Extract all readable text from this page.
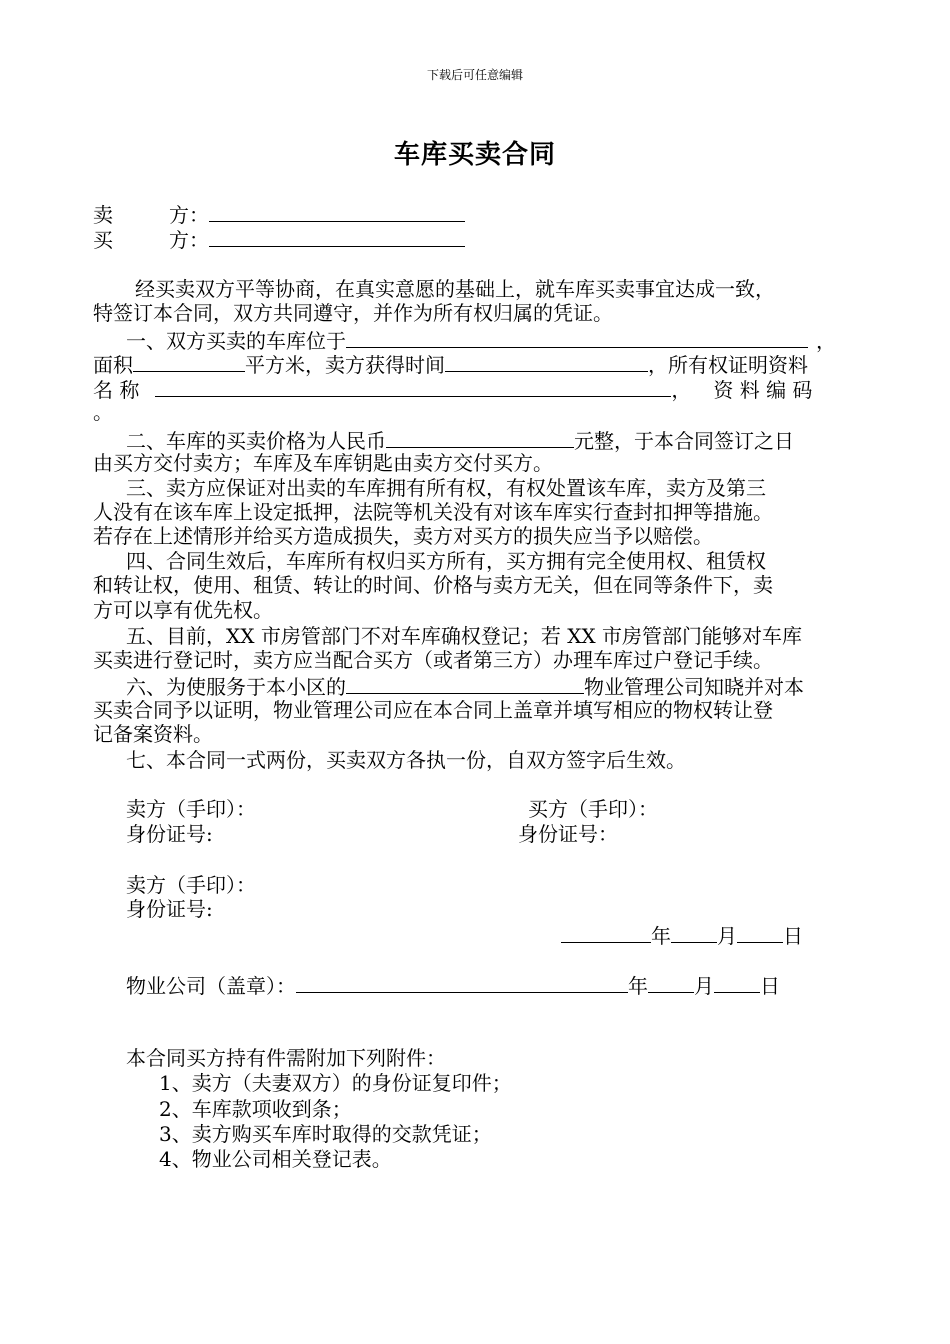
下载后可任意编辑
车库买卖合同
卖	方：
买	方：
经买卖双方平等协商，在真实意愿的基础上，就车库买卖事宜达成一致，
特签订本合同，双方共同遵守，并作为所有权归属的凭证。
一、双方买卖的车库位于	，
面积	平方米，卖方获得时间	，所有权证明资料
名 称	， 资 料 编 码
。
二、车库的买卖价格为人民币	元整，于本合同签订之日
由买方交付卖方；车库及车库钥匙由卖方交付买方。
三、卖方应保证对出卖的车库拥有所有权，有权处置该车库，卖方及第三
人没有在该车库上设定抵押，法院等机关没有对该车库实行查封扣押等措施。
若存在上述情形并给买方造成损失，卖方对买方的损失应当予以赔偿。
四、合同生效后，车库所有权归买方所有，买方拥有完全使用权、租赁权
和转让权，使用、租赁、转让的时间、价格与卖方无关，但在同等条件下，卖
方可以享有优先权。
五、目前，XX 市房管部门不对车库确权登记；若 XX 市房管部门能够对车库
买卖进行登记时，卖方应当配合买方（或者第三方）办理车库过户登记手续。
六、为使服务于本小区的	物业管理公司知晓并对本
买卖合同予以证明，物业管理公司应在本合同上盖章并填写相应的物权转让登
记备案资料。
七、本合同一式两份，买卖双方各执一份，自双方签字后生效。
卖方（手印）：	买方（手印）：
身份证号:	身份证号：
卖方（手印）：
身份证号:
年 月 日
物业公司（盖章）：	年 月 日
本合同买方持有件需附加下列附件：
1、卖方（夫妻双方）的身份证复印件；
2、车库款项收到条；
3、卖方购买车库时取得的交款凭证；
4、物业公司相关登记表。
